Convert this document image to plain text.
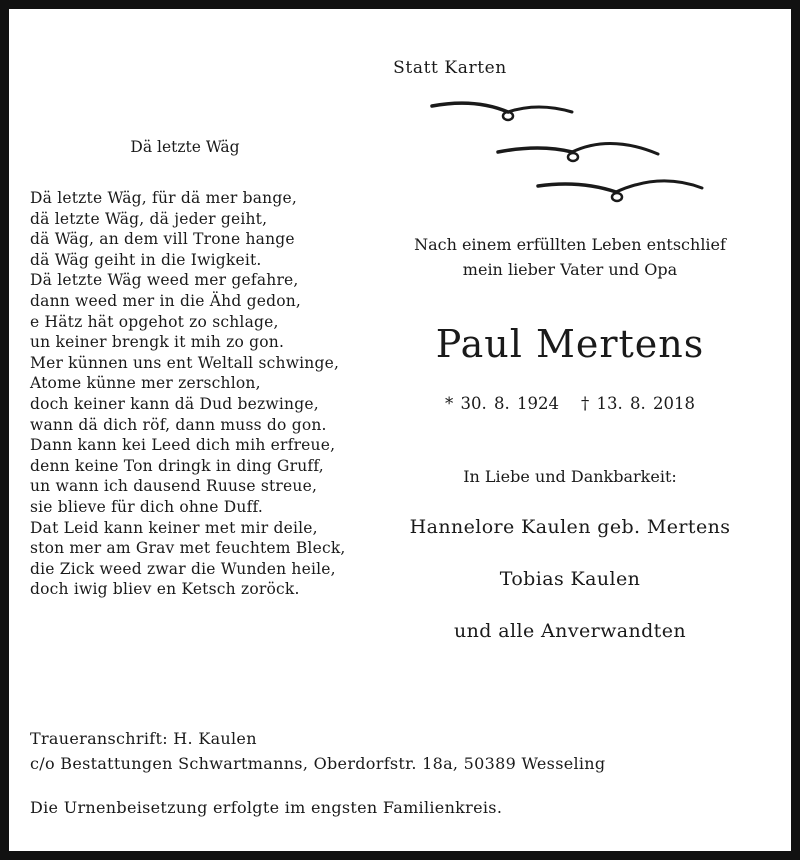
Statt Karten
Dä letzte Wäg
Dä letzte Wäg, für dä mer bange,
dä letzte Wäg, dä jeder geiht,
dä Wäg, an dem vill Trone hange
dä Wäg geiht in die Iwigkeit.
Dä letzte Wäg weed mer gefahre,
dann weed mer in die Ähd gedon,
e Hätz hät opgehot zo schlage,
un keiner brengk it mih zo gon.
Mer künnen uns ent Weltall schwinge,
Atome künne mer zerschlon,
doch keiner kann dä Dud bezwinge,
wann dä dich röf, dann muss do gon.
Dann kann kei Leed dich mih erfreue,
denn keine Ton dringk in ding Gruff,
un wann ich dausend Ruuse streue,
sie blieve für dich ohne Duff.
Dat Leid kann keiner met mir deile,
ston mer am Grav met feuchtem Bleck,
die Zick weed zwar die Wunden heile,
doch iwig bliev en Ketsch zoröck.
Nach einem erfüllten Leben entschlief
mein lieber Vater und Opa
Paul Mertens
* 30. 8. 1924 † 13. 8. 2018
In Liebe und Dankbarkeit:
Hannelore Kaulen geb. Mertens
Tobias Kaulen
und alle Anverwandten
Traueranschrift: H. Kaulen
c/o Bestattungen Schwartmanns, Oberdorfstr. 18a, 50389 Wesseling
Die Urnenbeisetzung erfolgte im engsten Familienkreis.
